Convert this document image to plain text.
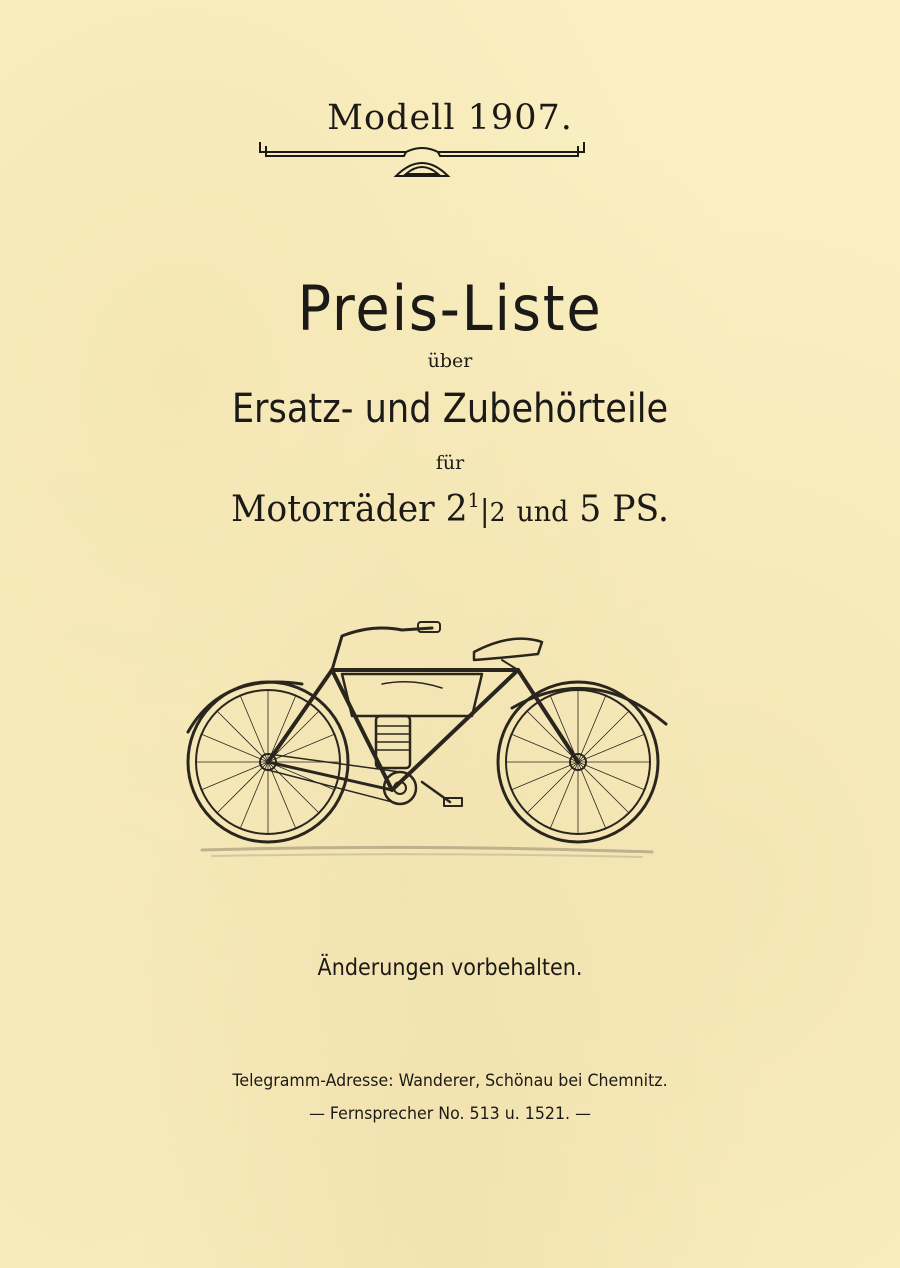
Modell 1907.
Preis-Liste
über
Ersatz- und Zubehörteile
für
Motorräder $2^1|2$ und 5 PS.
Änderungen vorbehalten.
Telegramm-Adresse: Wanderer, Schönau bei Chemnitz.
— Fernsprecher No. 513 u. 1521. —
